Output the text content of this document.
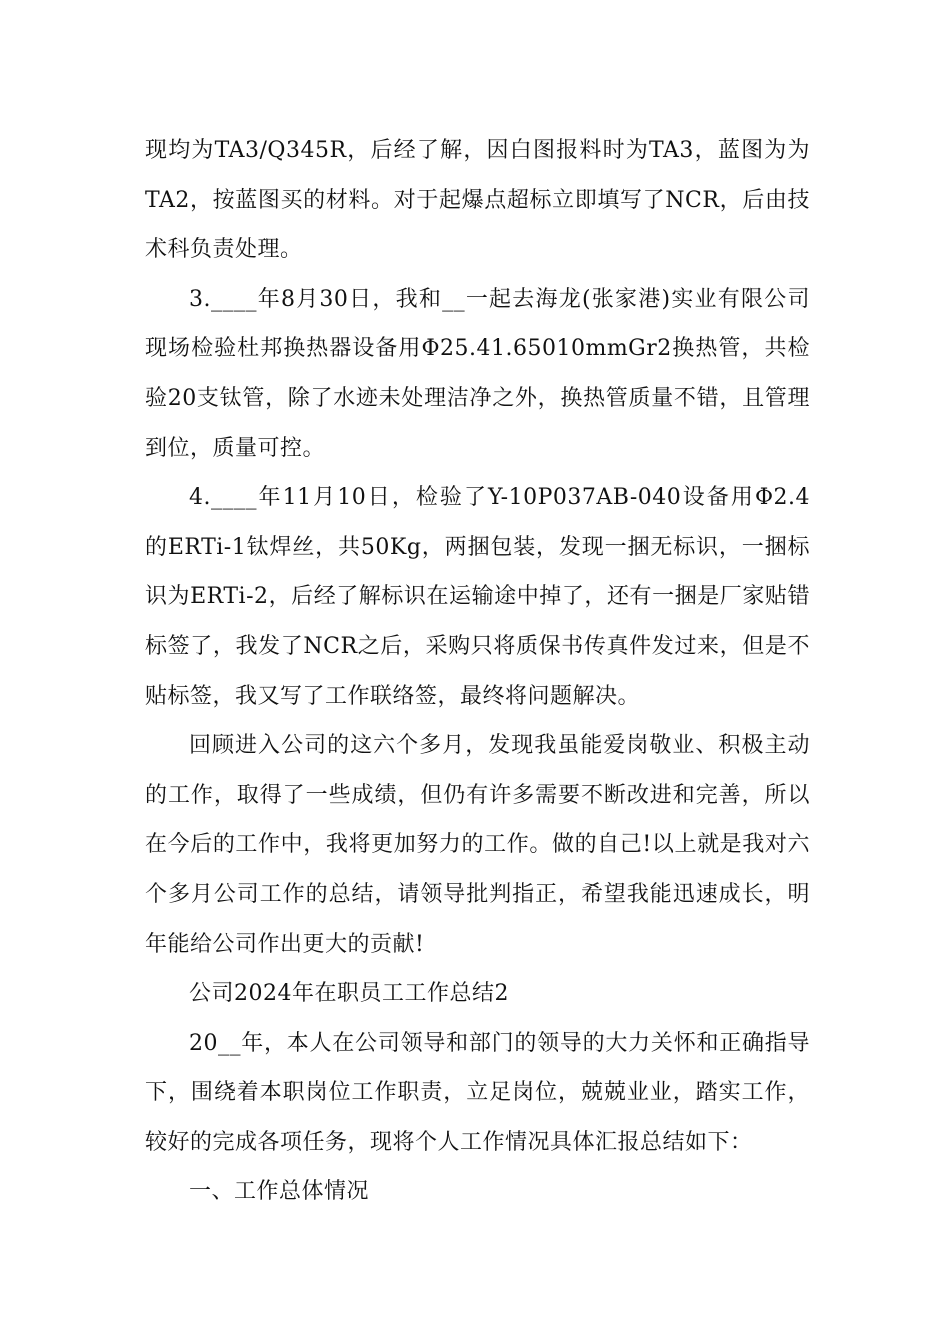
现均为TA3/Q345R，后经了解，因白图报料时为TA3，蓝图为为TA2，按蓝图买的材料。对于起爆点超标立即填写了NCR，后由技术科负责处理。

3.____年8月30日，我和__一起去海龙(张家港)实业有限公司现场检验杜邦换热器设备用Φ25.41.65010mmGr2换热管，共检验20支钛管，除了水迹未处理洁净之外，换热管质量不错，且管理到位，质量可控。

4.____年11月10日，检验了Y-10P037AB-040设备用Φ2.4的ERTi-1钛焊丝，共50Kg，两捆包装，发现一捆无标识，一捆标识为ERTi-2，后经了解标识在运输途中掉了，还有一捆是厂家贴错标签了，我发了NCR之后，采购只将质保书传真件发过来，但是不贴标签，我又写了工作联络签，最终将问题解决。

回顾进入公司的这六个多月，发现我虽能爱岗敬业、积极主动的工作，取得了一些成绩，但仍有许多需要不断改进和完善，所以在今后的工作中，我将更加努力的工作。做的自己!以上就是我对六个多月公司工作的总结，请领导批判指正，希望我能迅速成长，明年能给公司作出更大的贡献!

公司2024年在职员工工作总结2

20__年，本人在公司领导和部门的领导的大力关怀和正确指导下，围绕着本职岗位工作职责，立足岗位，兢兢业业，踏实工作，较好的完成各项任务，现将个人工作情况具体汇报总结如下：

一、工作总体情况
